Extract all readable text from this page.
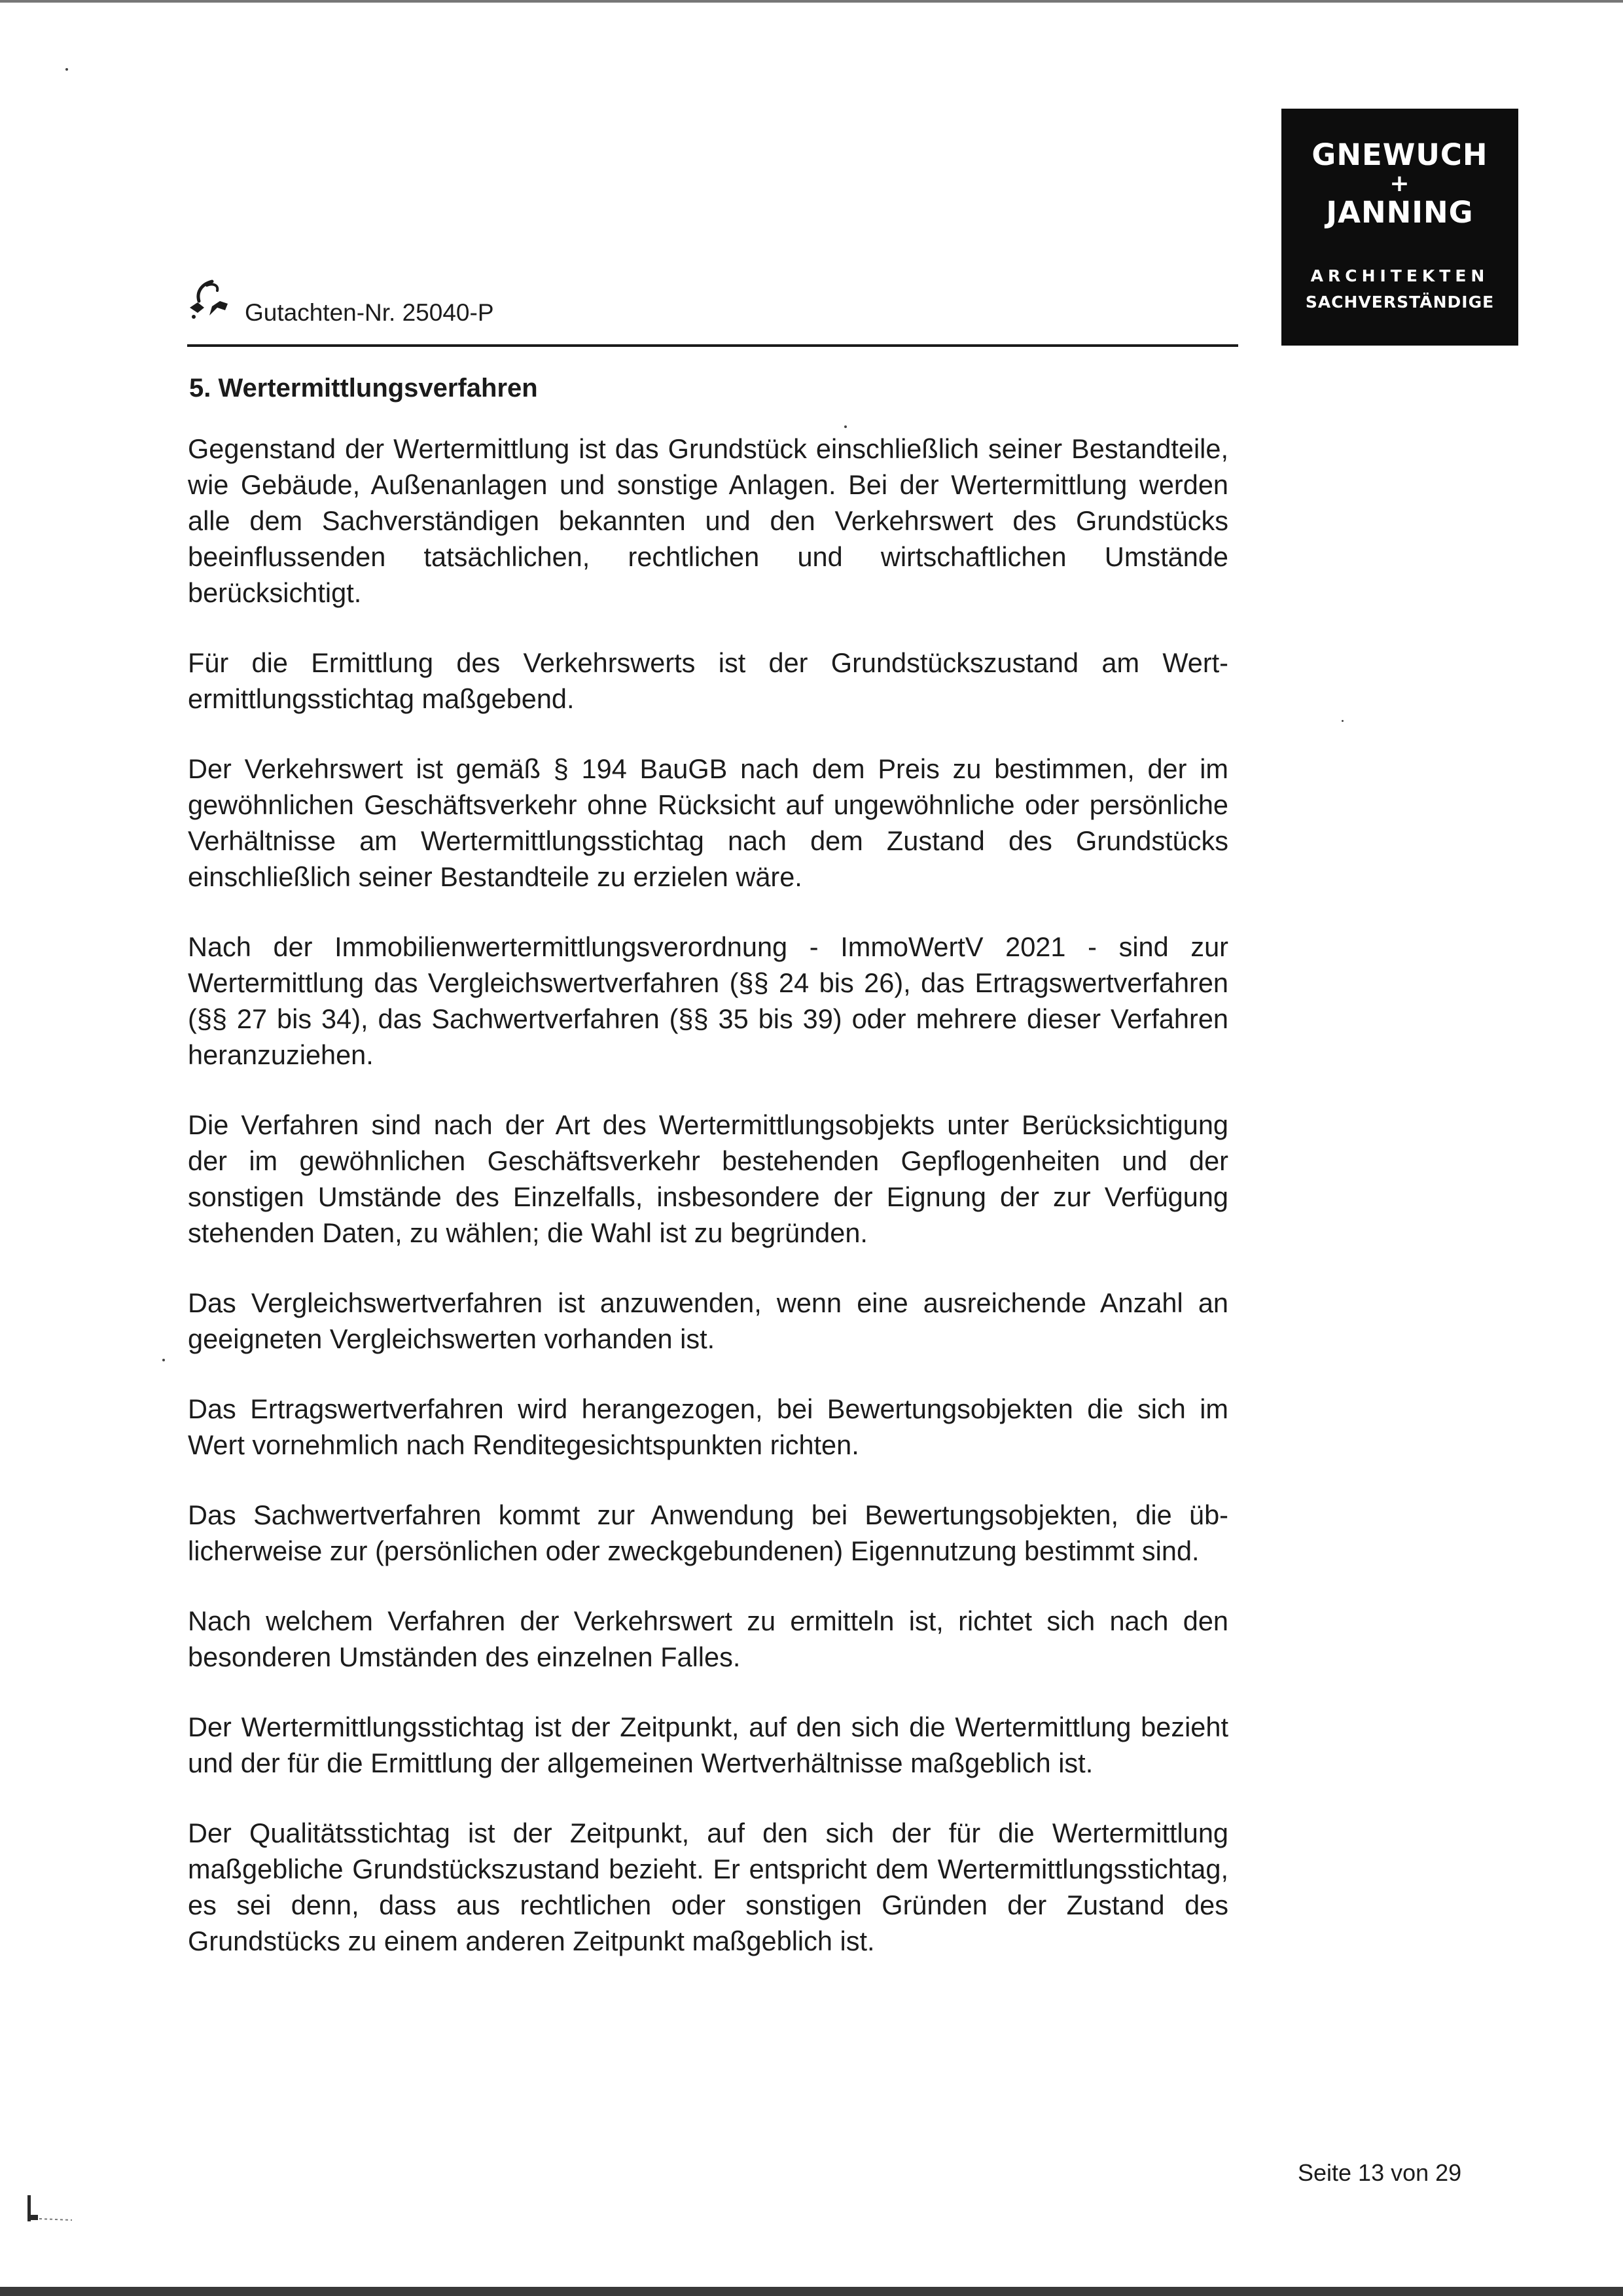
GNEWUCH
+
JANNING
ARCHITEKTEN
SACHVERSTÄNDIGE
Gutachten-Nr. 25040-P
5. Wertermittlungsverfahren

Gegenstand der Wertermittlung ist das Grundstück einschließlich seiner Bestandteile, wie Gebäude, Außenanlagen und sonstige Anlagen. Bei der Wertermittlung werden alle dem Sachverständigen bekannten und den Verkehrswert des Grundstücks beeinflussenden tatsächlichen, rechtlichen und wirtschaftlichen Umstände berücksichtigt.

Für die Ermittlung des Verkehrswerts ist der Grundstückszustand am Wertermittlungsstichtag maßgebend.

Der Verkehrswert ist gemäß § 194 BauGB nach dem Preis zu bestimmen, der im gewöhnlichen Geschäftsverkehr ohne Rücksicht auf ungewöhnliche oder persönliche Verhältnisse am Wertermittlungsstichtag nach dem Zustand des Grundstücks einschließlich seiner Bestandteile zu erzielen wäre.

Nach der Immobilienwertermittlungsverordnung - ImmoWertV 2021 - sind zur Wertermittlung das Vergleichswertverfahren (§§ 24 bis 26), das Ertragswertverfahren (§§ 27 bis 34), das Sachwertverfahren (§§ 35 bis 39) oder mehrere dieser Verfahren heranzuziehen.

Die Verfahren sind nach der Art des Wertermittlungsobjekts unter Berücksichtigung der im gewöhnlichen Geschäftsverkehr bestehenden Gepflogenheiten und der sonstigen Umstände des Einzelfalls, insbesondere der Eignung der zur Verfügung stehenden Daten, zu wählen; die Wahl ist zu begründen.

Das Vergleichswertverfahren ist anzuwenden, wenn eine ausreichende Anzahl an geeigneten Vergleichswerten vorhanden ist.

Das Ertragswertverfahren wird herangezogen, bei Bewertungsobjekten die sich im Wert vornehmlich nach Renditegesichtspunkten richten.

Das Sachwertverfahren kommt zur Anwendung bei Bewertungsobjekten, die üblicherweise zur (persönlichen oder zweckgebundenen) Eigennutzung bestimmt sind.

Nach welchem Verfahren der Verkehrswert zu ermitteln ist, richtet sich nach den besonderen Umständen des einzelnen Falles.

Der Wertermittlungsstichtag ist der Zeitpunkt, auf den sich die Wertermittlung bezieht und der für die Ermittlung der allgemeinen Wertverhältnisse maßgeblich ist.

Der Qualitätsstichtag ist der Zeitpunkt, auf den sich der für die Wertermittlung maßgebliche Grundstückszustand bezieht. Er entspricht dem Wertermittlungsstichtag, es sei denn, dass aus rechtlichen oder sonstigen Gründen der Zustand des Grundstücks zu einem anderen Zeitpunkt maßgeblich ist.

Seite 13 von 29
